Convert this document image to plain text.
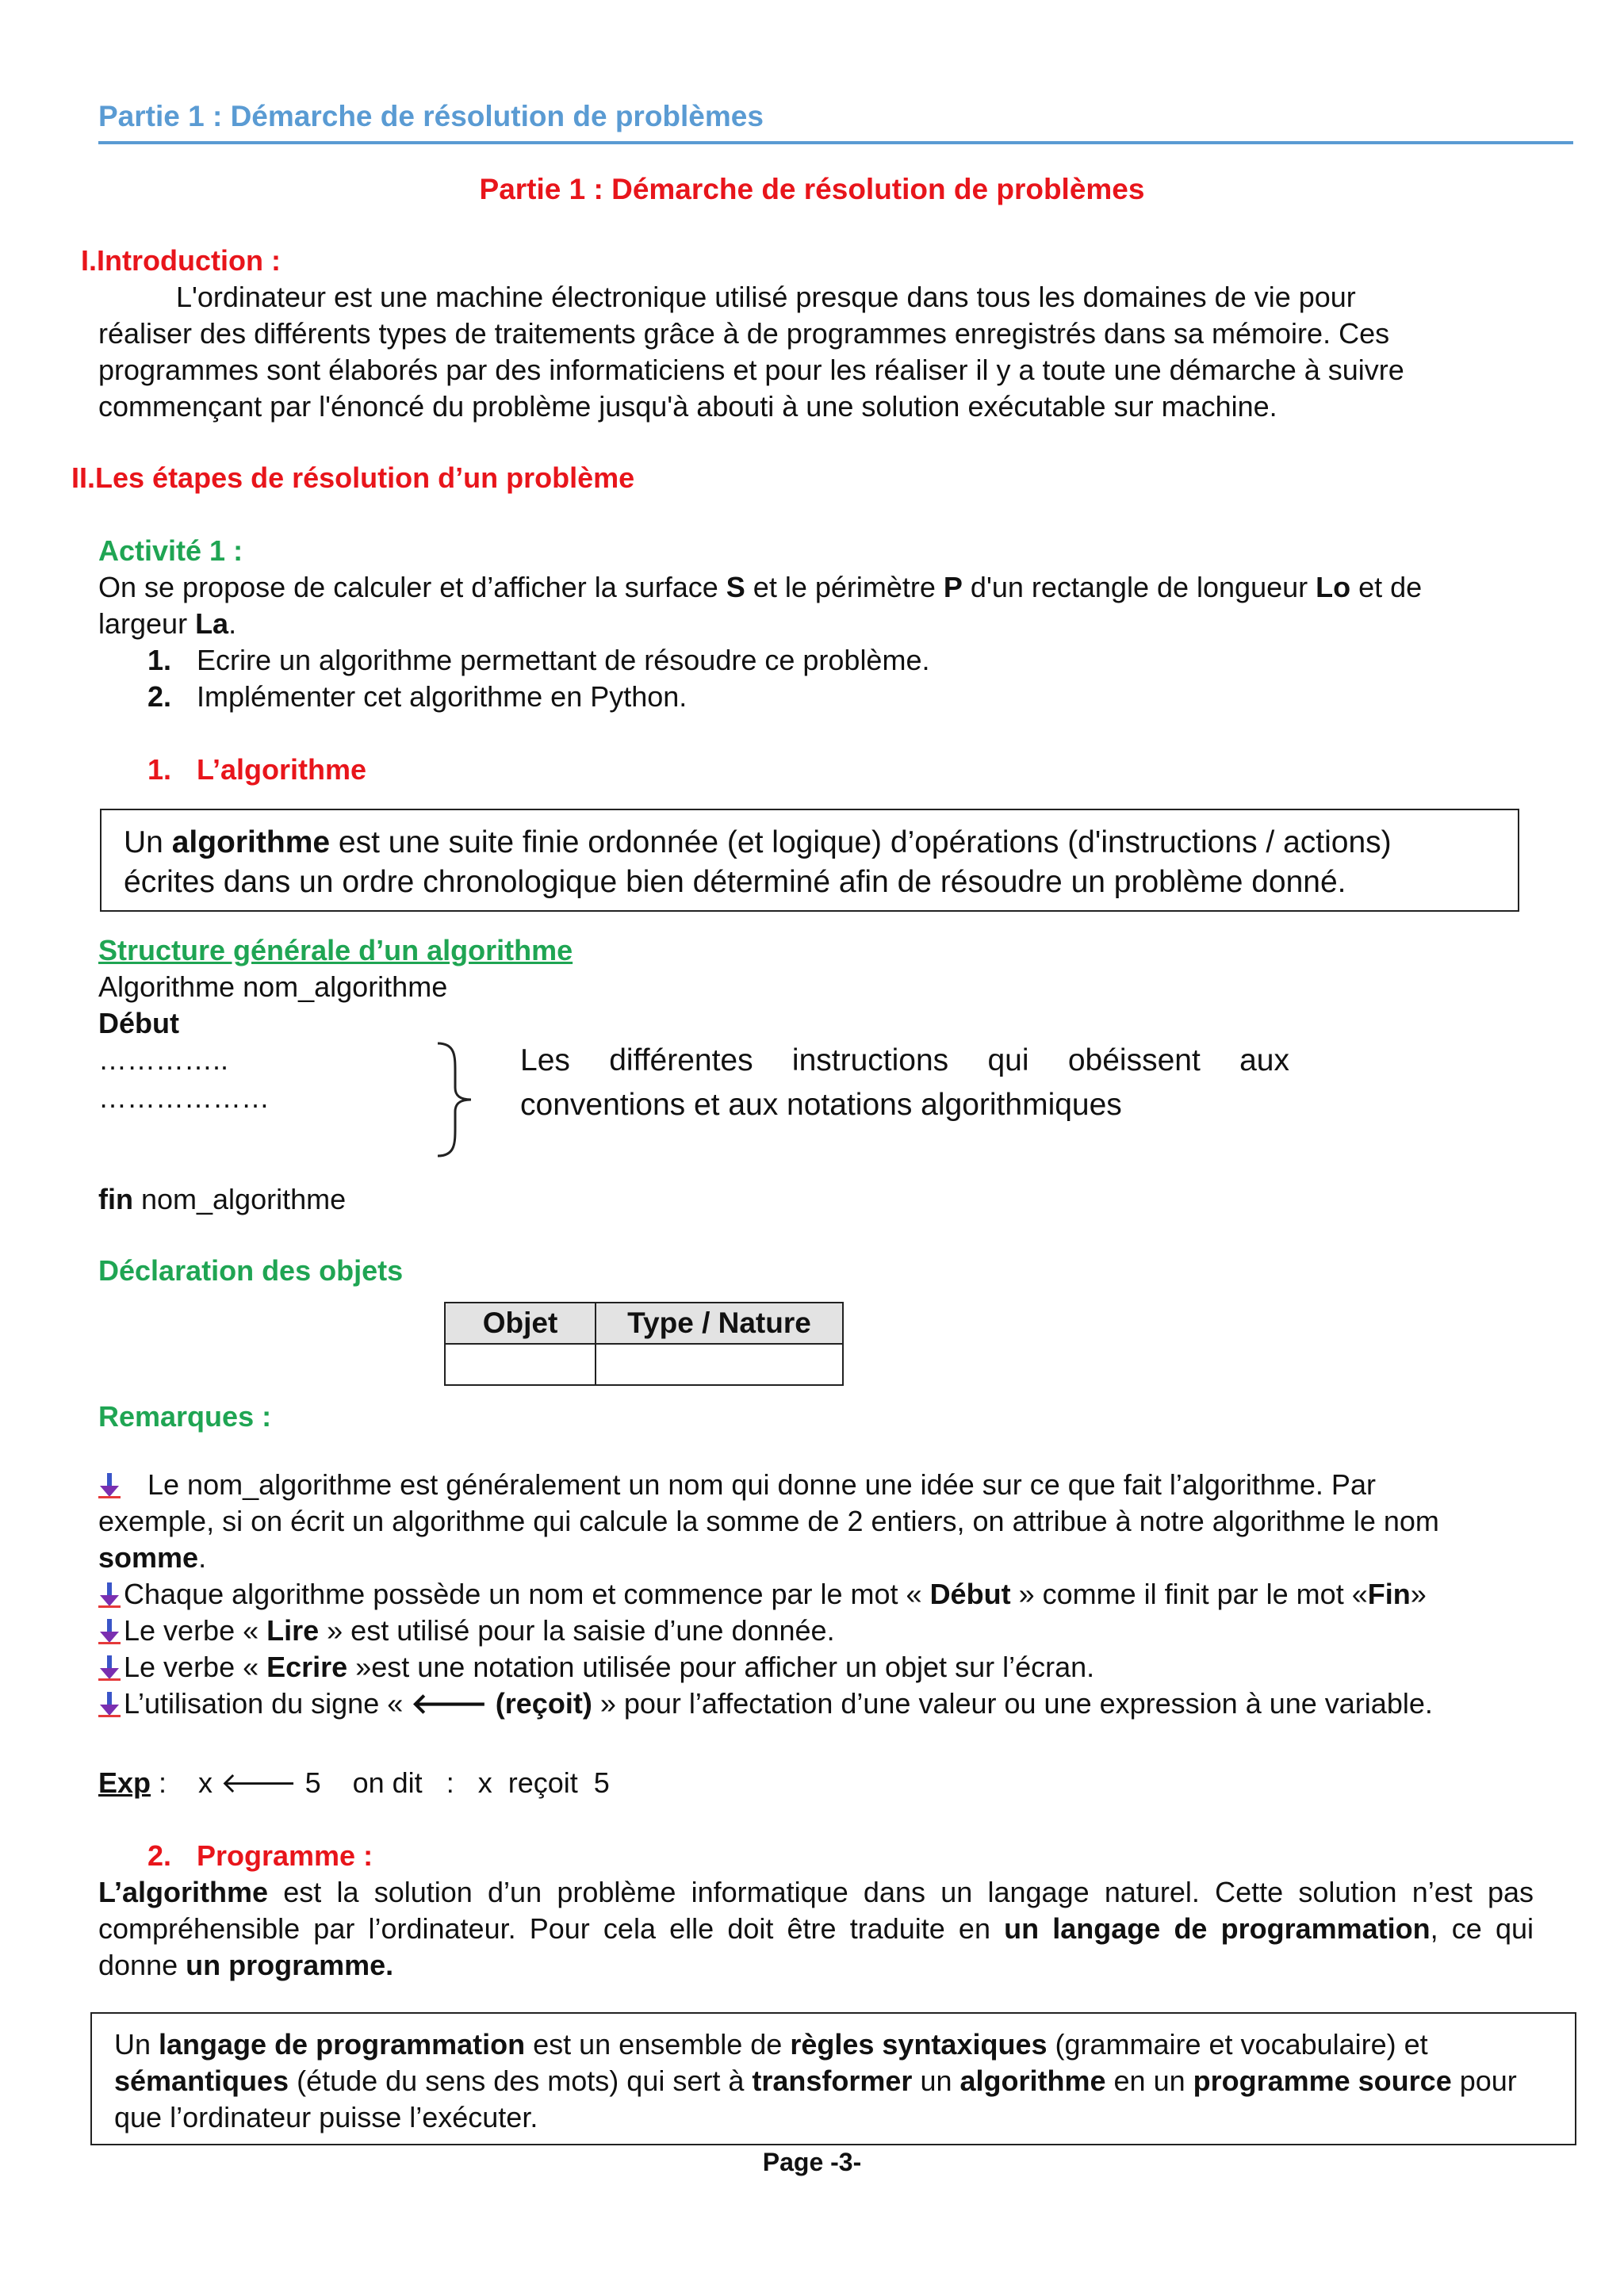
Partie 1 : Démarche de résolution de problèmes
Partie 1 : Démarche de résolution de problèmes
I.Introduction :
L'ordinateur est une machine électronique utilisé presque dans tous les domaines de vie pour
réaliser des différents types de traitements grâce à de programmes enregistrés dans sa mémoire. Ces
programmes sont élaborés par des informaticiens et pour les réaliser il y a toute une démarche à suivre
commençant par l'énoncé du problème jusqu'à abouti à une solution exécutable sur machine.
II.Les étapes de résolution d’un problème
Activité 1 :
On se propose de calculer et d’afficher la surface S et le périmètre P d'un rectangle de longueur Lo et de
largeur La.
1. Ecrire un algorithme permettant de résoudre ce problème.
2. Implémenter cet algorithme en Python.
1. L’algorithme
Un algorithme est une suite finie ordonnée (et logique) d’opérations (d'instructions / actions)
écrites dans un ordre chronologique bien déterminé afin de résoudre un problème donné.
Structure générale d’un algorithme
Algorithme nom_algorithme
Début
…………..
………………
Les différentes instructions qui obéissent aux
conventions et aux notations algorithmiques
fin nom_algorithme
Déclaration des objets
Objet	Type / Nature

Remarques :
Le nom_algorithme est généralement un nom qui donne une idée sur ce que fait l’algorithme. Par
exemple, si on écrit un algorithme qui calcule la somme de 2 entiers, on attribue à notre algorithme le nom
somme.
Chaque algorithme possède un nom et commence par le mot « Début » comme il finit par le mot «Fin»
Le verbe « Lire » est utilisé pour la saisie d’une donnée.
Le verbe « Ecrire »est une notation utilisée pour afficher un objet sur l’écran.
L’utilisation du signe « 🡐 (reçoit) » pour l’affectation d’une valeur ou une expression à une variable.
Exp :    x 🡐 5    on dit   :   x  reçoit  5
2. Programme :
L’algorithme est la solution d’un problème informatique dans un langage naturel. Cette solution n’est pas
compréhensible par l’ordinateur. Pour cela elle doit être traduite en un langage de programmation, ce qui
donne un programme.
Un langage de programmation est un ensemble de règles syntaxiques (grammaire et vocabulaire) et
sémantiques (étude du sens des mots) qui sert à transformer un algorithme en un programme source pour
que l’ordinateur puisse l’exécuter.
Page -3-
